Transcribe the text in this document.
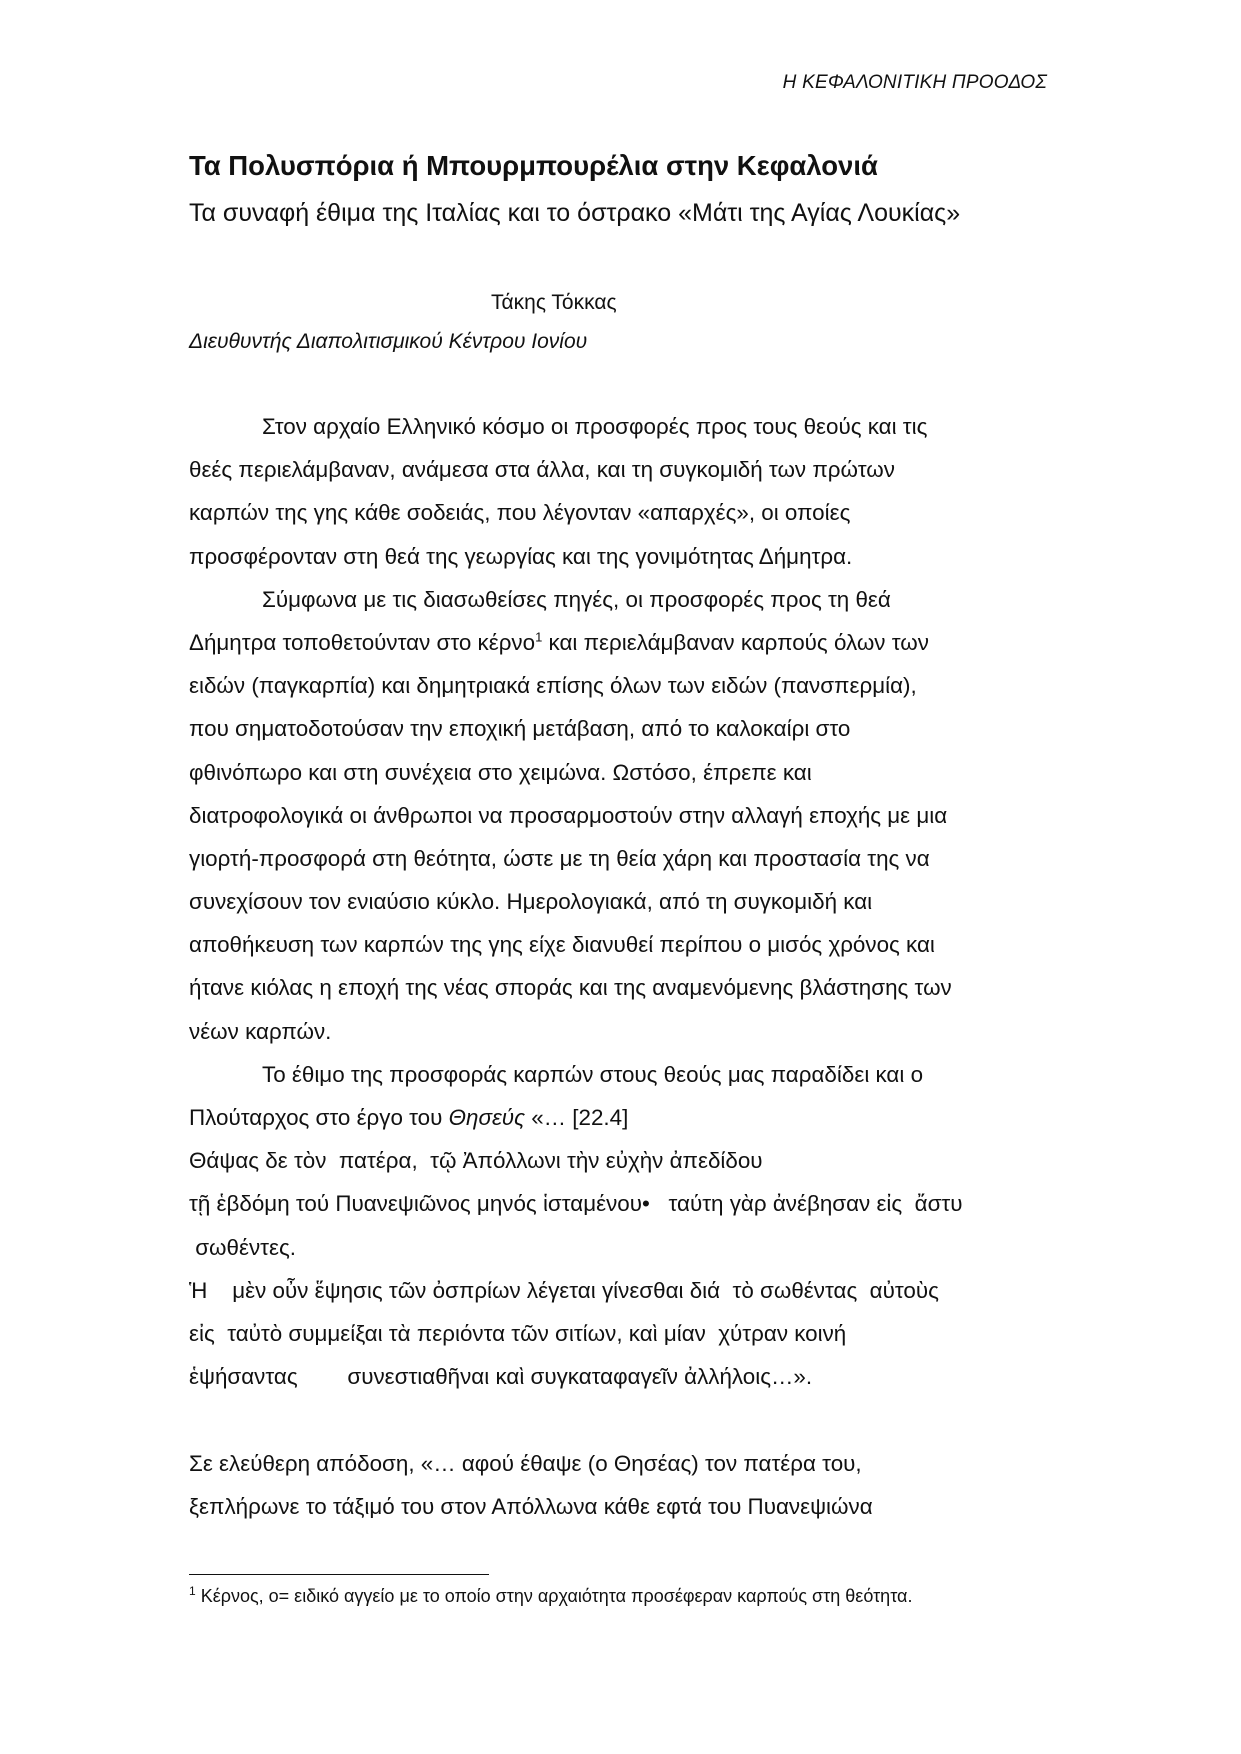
Η ΚΕΦΑΛΟΝΙΤΙΚΗ ΠΡΟΟΔΟΣ
Τα Πολυσπόρια ή Μπουρμπουρέλια στην Κεφαλονιά
Τα συναφή έθιμα της Ιταλίας και το όστρακο «Μάτι της Αγίας Λουκίας»
Τάκης Τόκκας
Διευθυντής Διαπολιτισμικού Κέντρου Ιονίου
Στον αρχαίο Ελληνικό κόσμο οι προσφορές προς τους θεούς και τις
θεές περιελάμβαναν, ανάμεσα στα άλλα, και τη συγκομιδή των πρώτων
καρπών της γης κάθε σοδειάς, που λέγονταν «απαρχές», οι οποίες
προσφέρονταν στη θεά της γεωργίας και της γονιμότητας Δήμητρα.
Σύμφωνα με τις διασωθείσες πηγές, οι προσφορές προς τη θεά
Δήμητρα τοποθετούνταν στο κέρνο$^1$ και περιελάμβαναν καρπούς όλων των
ειδών (παγκαρπία) και δημητριακά επίσης όλων των ειδών (πανσπερμία),
που σηματοδοτούσαν την εποχική μετάβαση, από το καλοκαίρι στο
φθινόπωρο και στη συνέχεια στο χειμώνα. Ωστόσο, έπρεπε και
διατροφολογικά οι άνθρωποι να προσαρμοστούν στην αλλαγή εποχής με μια
γιορτή-προσφορά στη θεότητα, ώστε με τη θεία χάρη και προστασία της να
συνεχίσουν τον ενιαύσιο κύκλο. Ημερολογιακά, από τη συγκομιδή και
αποθήκευση των καρπών της γης είχε διανυθεί περίπου ο μισός χρόνος και
ήτανε κιόλας η εποχή της νέας σποράς και της αναμενόμενης βλάστησης των
νέων καρπών.
Το έθιμο της προσφοράς καρπών στους θεούς μας παραδίδει και ο
Πλούταρχος στο έργο του Θησεύς «… [22.4]
Θάψας δε τὸν  πατέρα,  τῷ Ἀπόλλωνι τὴν εὐχὴν ἀπεδίδου
τῇ ἑβδόμη τού Πυανεψιῶνος μηνός ἱσταμένου•   ταύτη γὰρ ἀνέβησαν εἰς  ἄστυ
σωθέντες.
Ἡ    μὲν οὖν ἕψησις τῶν ὀσπρίων λέγεται γίνεσθαι διά  τὸ σωθέντας  αὐτοὺς
εἰς  ταὐτὸ συμμείξαι τὰ περιόντα τῶν σιτίων, καὶ μίαν  χύτραν κοινή
ἑψήσαντας        συνεστιαθῆναι καὶ συγκαταφαγεῖν ἀλλήλοις…».
Σε ελεύθερη απόδοση, «… αφού έθαψε (ο Θησέας) τον πατέρα του,
ξεπλήρωνε το τάξιμό του στον Απόλλωνα κάθε εφτά του Πυανεψιώνα
$^1$ Κέρνος, ο= ειδικό αγγείο με το οποίο στην αρχαιότητα προσέφεραν καρπούς στη θεότητα.
